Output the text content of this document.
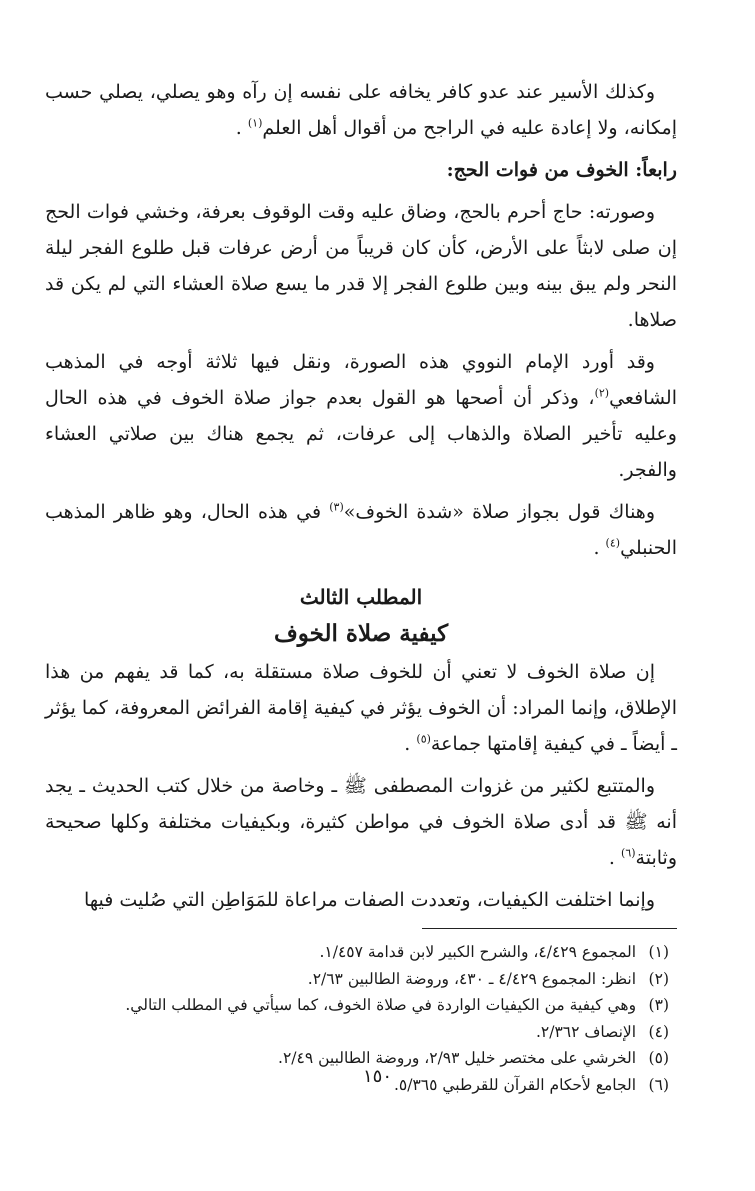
وكذلك الأسير عند عدو كافر يخافه على نفسه إن رآه وهو يصلي، يصلي حسب إمكانه، ولا إعادة عليه في الراجح من أقوال أهل العلم$^{(١)}$ .

رابعاً: الخوف من فوات الحج:

وصورته: حاج أحرم بالحج، وضاق عليه وقت الوقوف بعرفة، وخشي فوات الحج إن صلى لابثاً على الأرض، كأن كان قريباً من أرض عرفات قبل طلوع الفجر ليلة النحر ولم يبق بينه وبين طلوع الفجر إلا قدر ما يسع صلاة العشاء التي لم يكن قد صلاها.

وقد أورد الإمام النووي هذه الصورة، ونقل فيها ثلاثة أوجه في المذهب الشافعي$^{(٢)}$، وذكر أن أصحها هو القول بعدم جواز صلاة الخوف في هذه الحال وعليه تأخير الصلاة والذهاب إلى عرفات، ثم يجمع هناك بين صلاتي العشاء والفجر.

وهناك قول بجواز صلاة «شدة الخوف»$^{(٣)}$ في هذه الحال، وهو ظاهر المذهب الحنبلي$^{(٤)}$ .

المطلب الثالث
كيفية صلاة الخوف

إن صلاة الخوف لا تعني أن للخوف صلاة مستقلة به، كما قد يفهم من هذا الإطلاق، وإنما المراد: أن الخوف يؤثر في كيفية إقامة الفرائض المعروفة، كما يؤثر ـ أيضاً ـ في كيفية إقامتها جماعة$^{(٥)}$ .

والمتتبع لكثير من غزوات المصطفى ﷺ ـ وخاصة من خلال كتب الحديث ـ يجد أنه ﷺ قد أدى صلاة الخوف في مواطن كثيرة، وبكيفيات مختلفة وكلها صحيحة وثابتة$^{(٦)}$ .

وإنما اختلفت الكيفيات، وتعددت الصفات مراعاة للمَوَاطِن التي صُليت فيها

(١) المجموع ٤/٤٢٩، والشرح الكبير لابن قدامة ١/٤٥٧.

(٢) انظر: المجموع ٤/٤٢٩ ـ ٤٣٠، وروضة الطالبين ٢/٦٣.

(٣) وهي كيفية من الكيفيات الواردة في صلاة الخوف، كما سيأتي في المطلب التالي.

(٤) الإنصاف ٢/٣٦٢.

(٥) الخرشي على مختصر خليل ٢/٩٣، وروضة الطالبين ٢/٤٩.

(٦) الجامع لأحكام القرآن للقرطبي ٥/٣٦٥.

١٥٠
